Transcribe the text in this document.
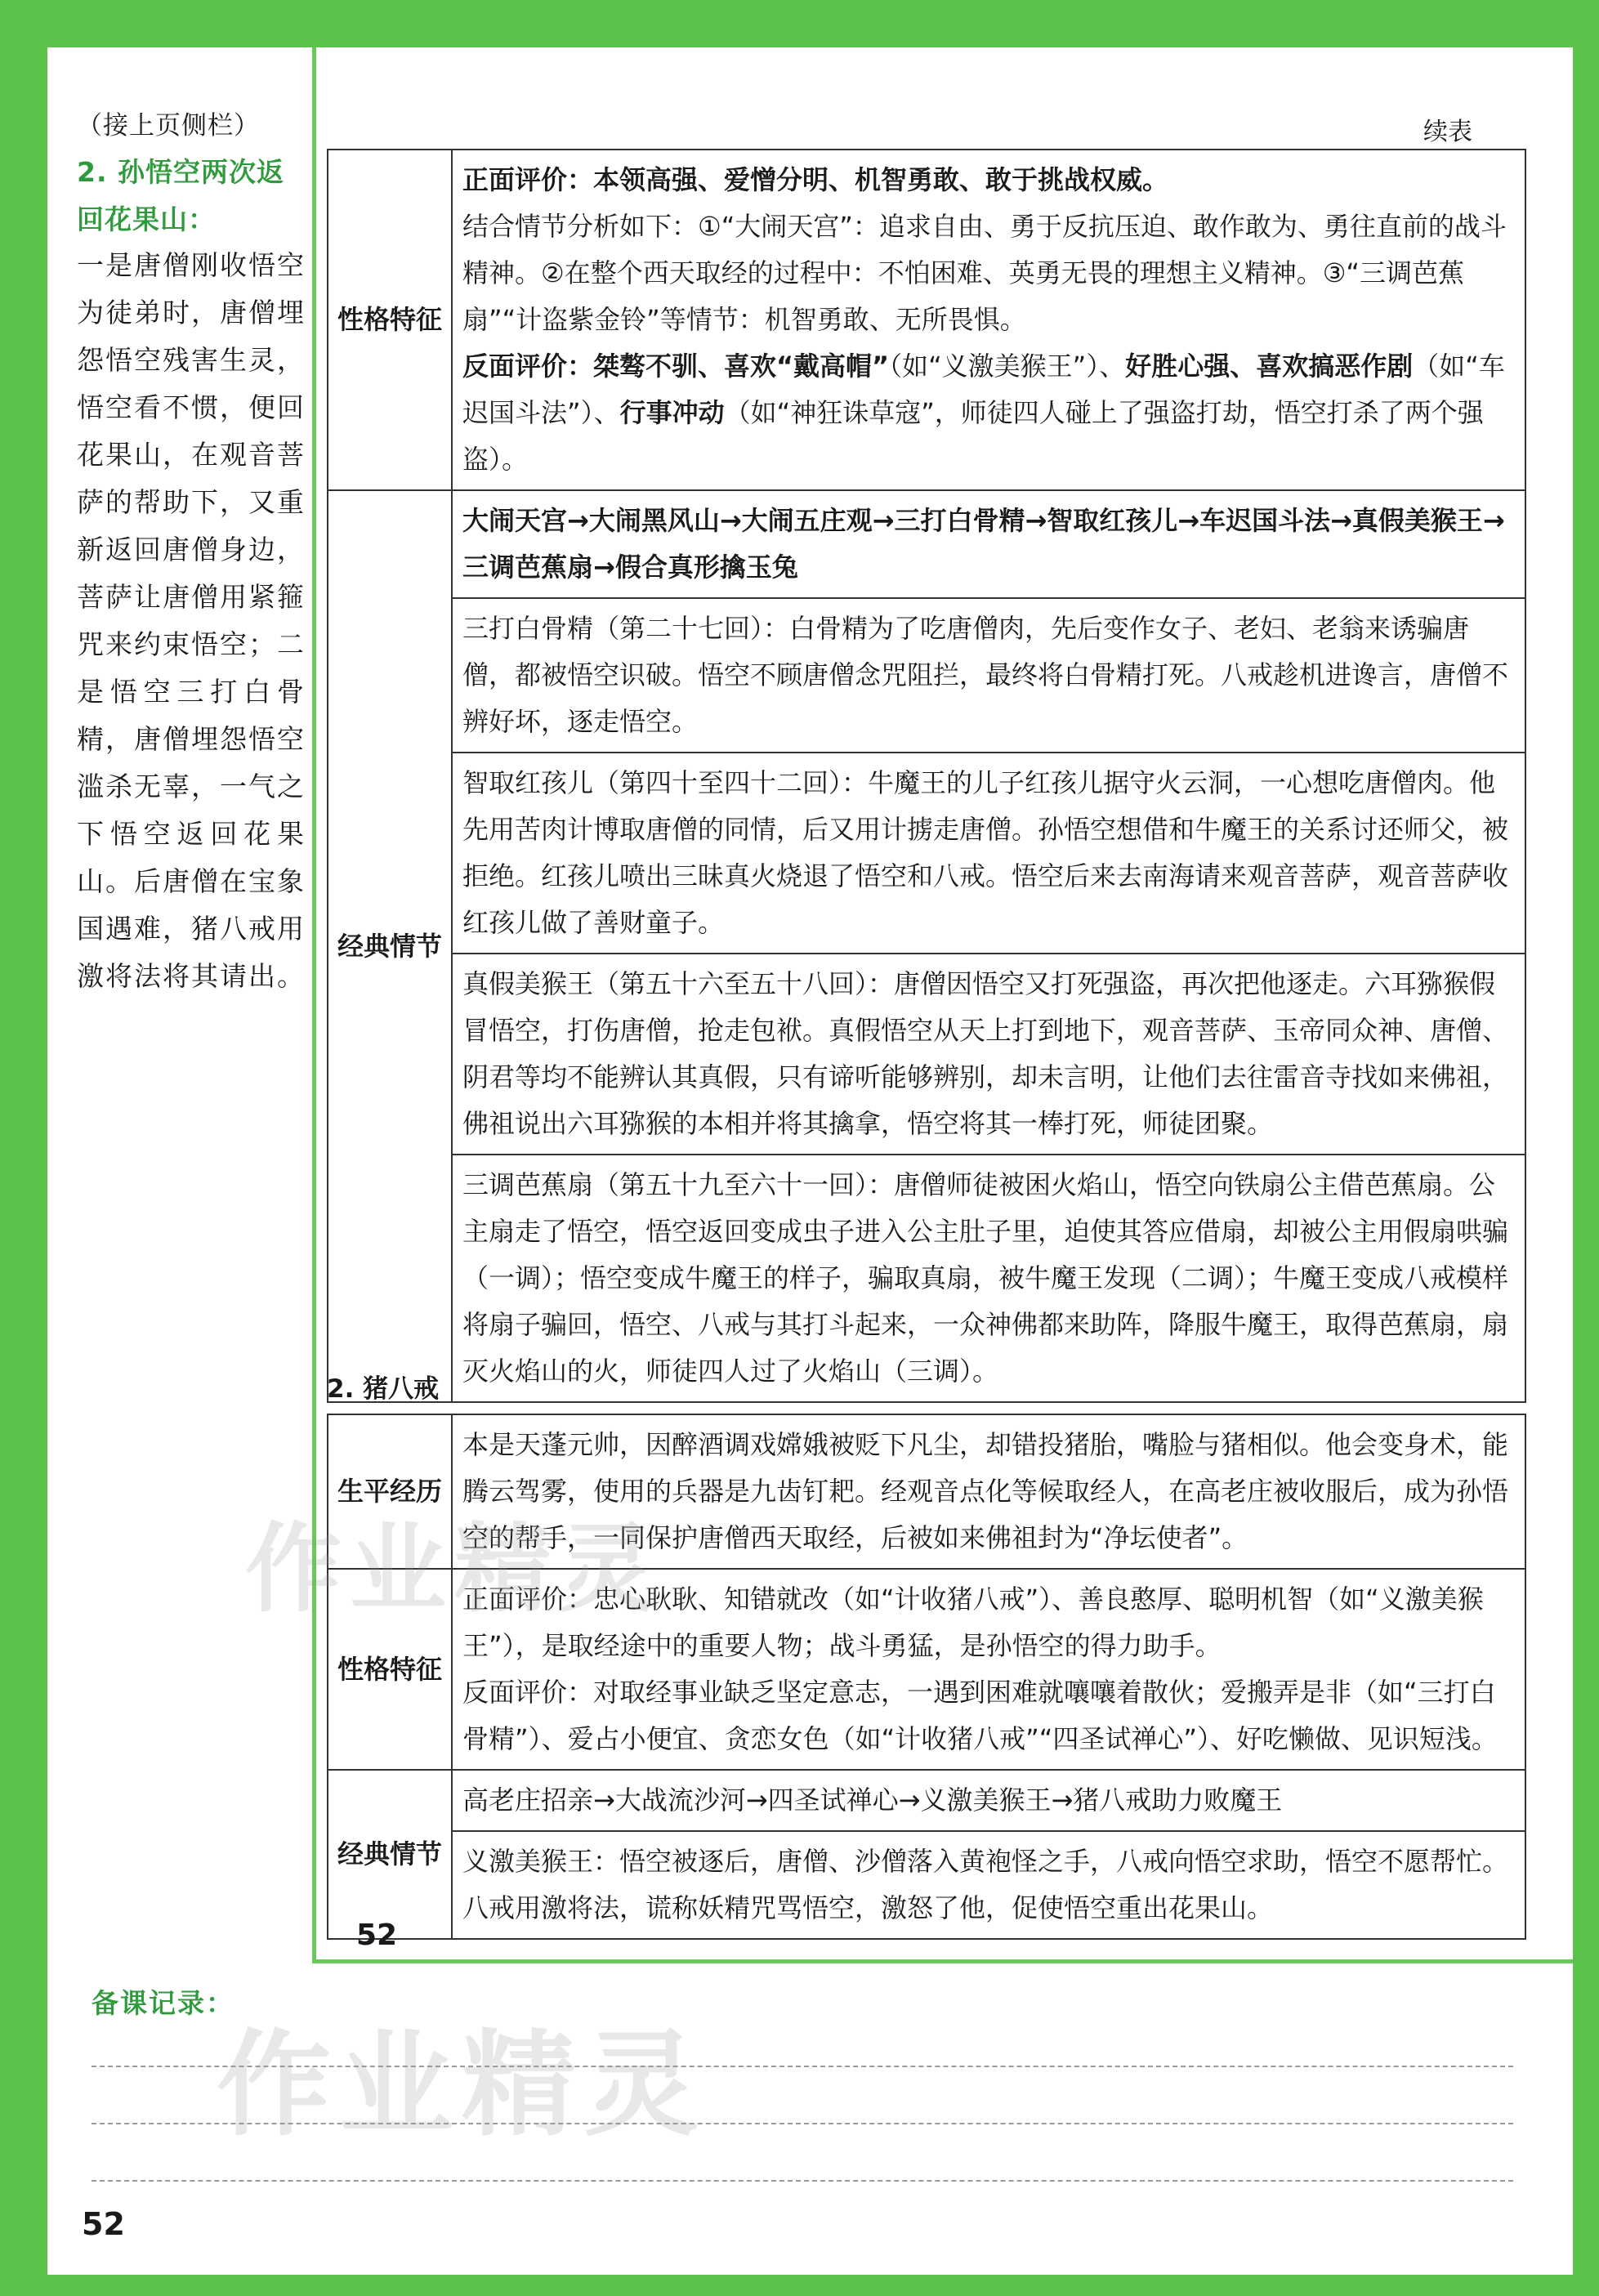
（接上页侧栏）
2. 孙悟空两次返回花果山：
一是唐僧刚收悟空为徒弟时，唐僧埋怨悟空残害生灵，悟空看不惯，便回花果山，在观音菩萨的帮助下，又重新返回唐僧身边，菩萨让唐僧用紧箍咒来约束悟空；二是悟空三打白骨精，唐僧埋怨悟空滥杀无辜，一气之下悟空返回花果山。后唐僧在宝象国遇难，猪八戒用激将法将其请出。
续表
性格特征	正面评价：本领高强、爱憎分明、机智勇敢、敢于挑战权威。
结合情节分析如下：①“大闹天宫”：追求自由、勇于反抗压迫、敢作敢为、勇往直前的战斗精神。②在整个西天取经的过程中：不怕困难、英勇无畏的理想主义精神。③“三调芭蕉扇”“计盗紫金铃”等情节：机智勇敢、无所畏惧。
反面评价：桀骜不驯、喜欢“戴高帽”（如“义激美猴王”）、好胜心强、喜欢搞恶作剧（如“车迟国斗法”）、行事冲动（如“神狂诛草寇”，师徒四人碰上了强盗打劫，悟空打杀了两个强盗）。

经典情节	大闹天宫→大闹黑风山→大闹五庄观→三打白骨精→智取红孩儿→车迟国斗法→真假美猴王→三调芭蕉扇→假合真形擒玉兔
	三打白骨精（第二十七回）：白骨精为了吃唐僧肉，先后变作女子、老妇、老翁来诱骗唐僧，都被悟空识破。悟空不顾唐僧念咒阻拦，最终将白骨精打死。八戒趁机进谗言，唐僧不辨好坏，逐走悟空。
	智取红孩儿（第四十至四十二回）：牛魔王的儿子红孩儿据守火云洞，一心想吃唐僧肉。他先用苦肉计博取唐僧的同情，后又用计掳走唐僧。孙悟空想借和牛魔王的关系讨还师父，被拒绝。红孩儿喷出三昧真火烧退了悟空和八戒。悟空后来去南海请来观音菩萨，观音菩萨收红孩儿做了善财童子。
	真假美猴王（第五十六至五十八回）：唐僧因悟空又打死强盗，再次把他逐走。六耳猕猴假冒悟空，打伤唐僧，抢走包袱。真假悟空从天上打到地下，观音菩萨、玉帝同众神、唐僧、阴君等均不能辨认其真假，只有谛听能够辨别，却未言明，让他们去往雷音寺找如来佛祖，佛祖说出六耳猕猴的本相并将其擒拿，悟空将其一棒打死，师徒团聚。
	三调芭蕉扇（第五十九至六十一回）：唐僧师徒被困火焰山，悟空向铁扇公主借芭蕉扇。公主扇走了悟空，悟空返回变成虫子进入公主肚子里，迫使其答应借扇，却被公主用假扇哄骗（一调）；悟空变成牛魔王的样子，骗取真扇，被牛魔王发现（二调）；牛魔王变成八戒模样将扇子骗回，悟空、八戒与其打斗起来，一众神佛都来助阵，降服牛魔王，取得芭蕉扇，扇灭火焰山的火，师徒四人过了火焰山（三调）。
2. 猪八戒
生平经历	本是天蓬元帅，因醉酒调戏嫦娥被贬下凡尘，却错投猪胎，嘴脸与猪相似。他会变身术，能腾云驾雾，使用的兵器是九齿钉耙。经观音点化等候取经人，在高老庄被收服后，成为孙悟空的帮手，一同保护唐僧西天取经，后被如来佛祖封为“净坛使者”。
性格特征	正面评价：忠心耿耿、知错就改（如“计收猪八戒”）、善良憨厚、聪明机智（如“义激美猴王”），是取经途中的重要人物；战斗勇猛，是孙悟空的得力助手。
反面评价：对取经事业缺乏坚定意志，一遇到困难就嚷嚷着散伙；爱搬弄是非（如“三打白骨精”）、爱占小便宜、贪恋女色（如“计收猪八戒”“四圣试禅心”）、好吃懒做、见识短浅。

经典情节	高老庄招亲→大战流沙河→四圣试禅心→义激美猴王→猪八戒助力败魔王
	义激美猴王：悟空被逐后，唐僧、沙僧落入黄袍怪之手，八戒向悟空求助，悟空不愿帮忙。八戒用激将法，谎称妖精咒骂悟空，激怒了他，促使悟空重出花果山。
52
备课记录：
52
作业精灵
作业精灵
